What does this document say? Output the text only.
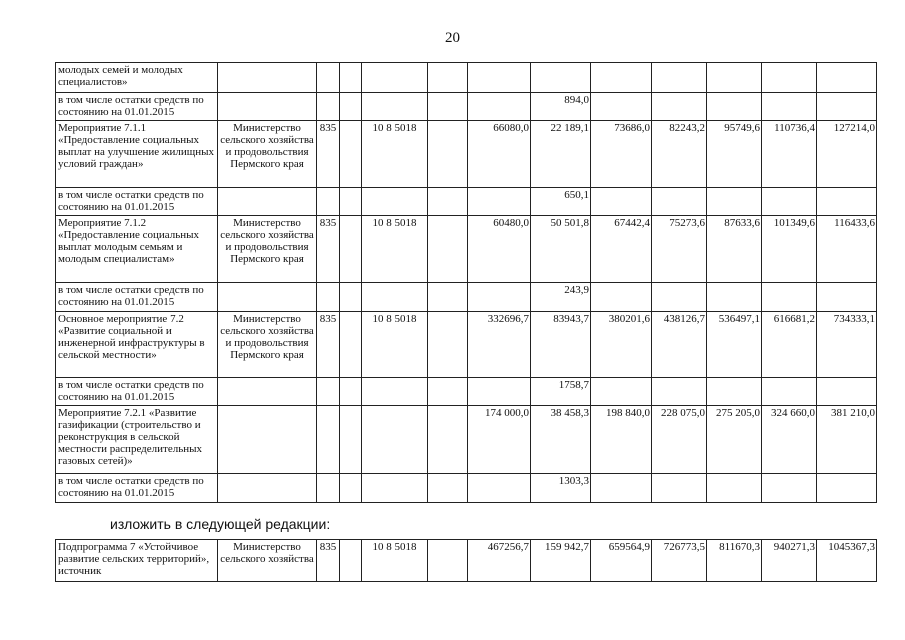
20
молодых семей и молодых специалистов»												
в том числе остатки средств по состоянию на 01.01.2015							894,0					
Мероприятие 7.1.1 «Предоставление социальных выплат на улучшение жилищных условий граждан»	Министерство сельского хозяйства и продовольствия Пермского края	835		10 8 5018		66080,0	22 189,1	73686,0	82243,2	95749,6	110736,4	127214,0
в том числе остатки средств по состоянию на 01.01.2015							650,1					
Мероприятие 7.1.2 «Предоставление социальных выплат молодым семьям и молодым специалистам»	Министерство сельского хозяйства и продовольствия Пермского края	835		10 8 5018		60480,0	50 501,8	67442,4	75273,6	87633,6	101349,6	116433,6
в том числе остатки средств по состоянию на 01.01.2015							243,9					
Основное мероприятие 7.2 «Развитие социальной и инженерной инфраструктуры в сельской местности»	Министерство сельского хозяйства и продовольствия Пермского края	835		10 8 5018		332696,7	83943,7	380201,6	438126,7	536497,1	616681,2	734333,1
в том числе остатки средств по состоянию на 01.01.2015							1758,7					
Мероприятие 7.2.1 «Развитие газификации (строительство и реконструкция в сельской местности распределительных газовых сетей)»						174 000,0	38 458,3	198 840,0	228 075,0	275 205,0	324 660,0	381 210,0
в том числе остатки средств по состоянию на 01.01.2015							1303,3					
изложить в следующей редакции:
Подпрограмма 7 «Устойчивое развитие сельских территорий», источник	Министерство сельского хозяйства	835		10 8 5018		467256,7	159 942,7	659564,9	726773,5	811670,3	940271,3	1045367,3
